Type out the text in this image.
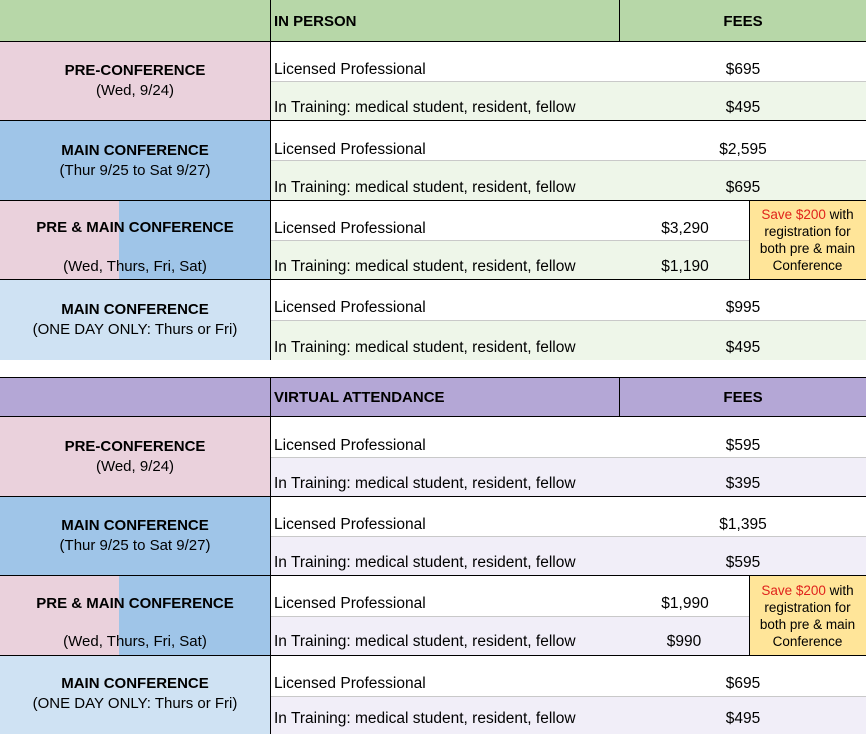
IN PERSON	FEES
PRE-CONFERENCE
(Wed, 9/24)
Licensed Professional	$695
In Training: medical student, resident, fellow	$495
MAIN CONFERENCE
(Thur 9/25 to Sat 9/27)
Licensed Professional	$2,595
In Training: medical student, resident, fellow	$695
PRE & MAIN CONFERENCE
(Wed, Thurs, Fri, Sat)
Licensed Professional	$3,290
In Training: medical student, resident, fellow	$1,190
Save $200 with
registration for
both pre & main
Conference
MAIN CONFERENCE
(ONE DAY ONLY: Thurs or Fri)
Licensed Professional	$995
In Training: medical student, resident, fellow	$495
VIRTUAL ATTENDANCE	FEES
PRE-CONFERENCE
(Wed, 9/24)
Licensed Professional	$595
In Training: medical student, resident, fellow	$395
MAIN CONFERENCE
(Thur 9/25 to Sat 9/27)
Licensed Professional	$1,395
In Training: medical student, resident, fellow	$595
PRE & MAIN CONFERENCE
(Wed, Thurs, Fri, Sat)
Licensed Professional	$1,990
In Training: medical student, resident, fellow	$990
Save $200 with
registration for
both pre & main
Conference
MAIN CONFERENCE
(ONE DAY ONLY: Thurs or Fri)
Licensed Professional	$695
In Training: medical student, resident, fellow	$495
